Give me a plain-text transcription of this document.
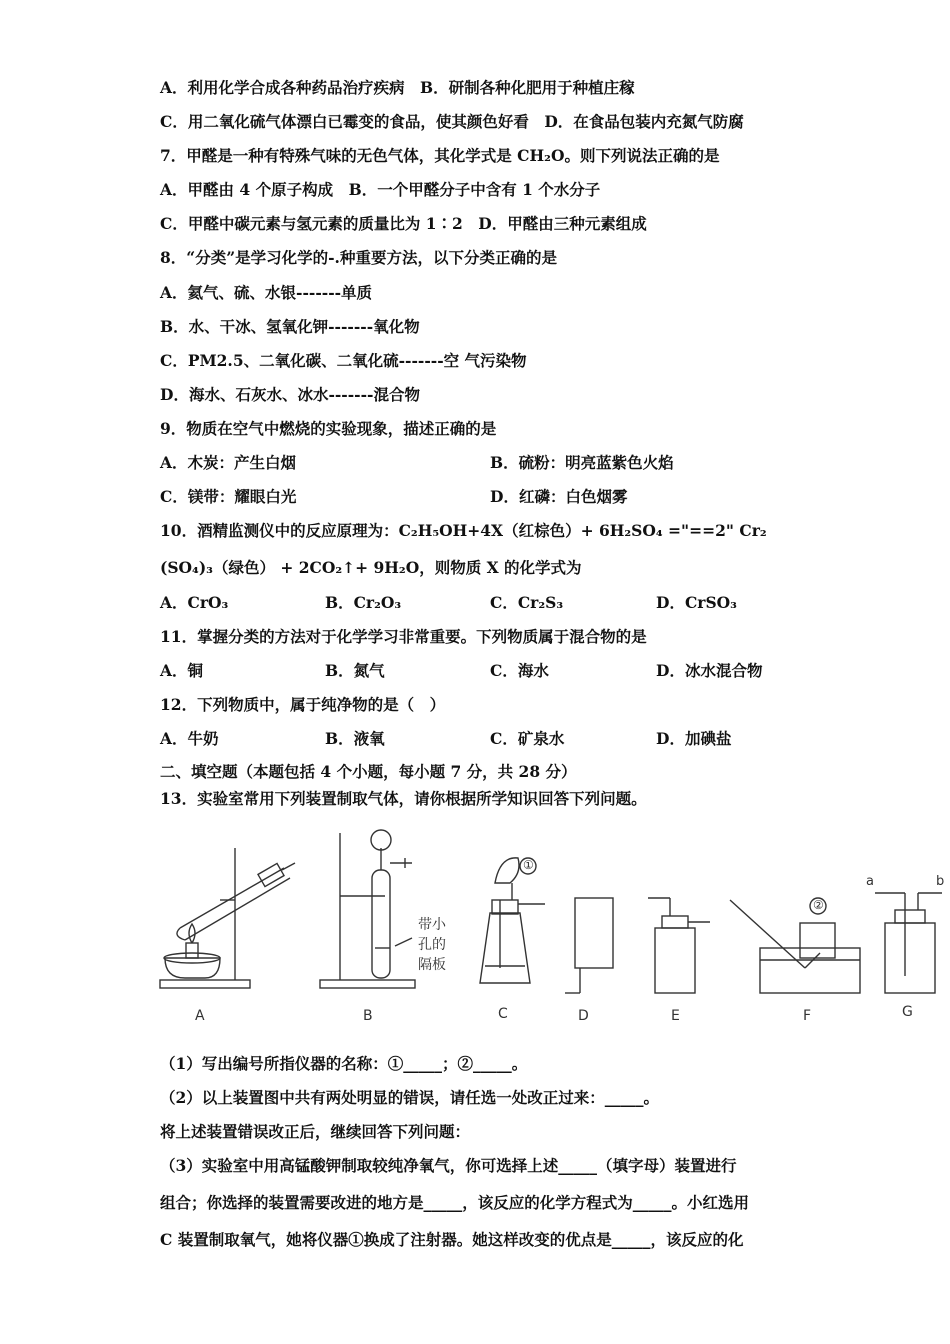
A．利用化学合成各种药品治疗疾病　B．研制各种化肥用于种植庄稼
C．用二氧化硫气体漂白已霉变的食品，使其颜色好看　D．在食品包装内充氮气防腐
7．甲醛是一种有特殊气味的无色气体，其化学式是 CH₂O。则下列说法正确的是
A．甲醛由 4 个原子构成　B．一个甲醛分子中含有 1 个水分子
C．甲醛中碳元素与氢元素的质量比为 1∶2　D．甲醛由三种元素组成
8．“分类”是学习化学的-.种重要方法，以下分类正确的是
A．氦气、硫、水银-------单质
B．水、干冰、氢氧化钾-------氧化物
C．PM2.5、二氧化碳、二氧化硫-------空 气污染物
D．海水、石灰水、冰水-------混合物
9．物质在空气中燃烧的实验现象，描述正确的是
A．木炭：产生白烟	B．硫粉：明亮蓝紫色火焰
C．镁带：耀眼白光	D．红磷：白色烟雾
10．酒精监测仪中的反应原理为：C₂H₅OH+4X（红棕色）+ 6H₂SO₄ ="==2" Cr₂
(SO₄)₃（绿色） + 2CO₂↑+ 9H₂O，则物质 X 的化学式为
A．CrO₃	B．Cr₂O₃	C．Cr₂S₃	D．CrSO₃
11．掌握分类的方法对于化学学习非常重要。下列物质属于混合物的是
A．铜	B．氮气	C．海水	D．冰水混合物
12．下列物质中，属于纯净物的是（　）
A．牛奶	B．液氧	C．矿泉水	D．加碘盐
二、填空题（本题包括 4 个小题，每小题 7 分，共 28 分）
13．实验室常用下列装置制取气体，请你根据所学知识回答下列问题。
A	B	C	D	E	F	G
①
②
带小
孔的
隔板
a	b
（1）写出编号所指仪器的名称：①_____；②_____。
（2）以上装置图中共有两处明显的错误，请任选一处改正过来：_____。
将上述装置错误改正后，继续回答下列问题：
（3）实验室中用高锰酸钾制取较纯净氧气，你可选择上述_____（填字母）装置进行
组合；你选择的装置需要改进的地方是_____，该反应的化学方程式为_____。小红选用
C 装置制取氧气，她将仪器①换成了注射器。她这样改变的优点是_____，该反应的化
